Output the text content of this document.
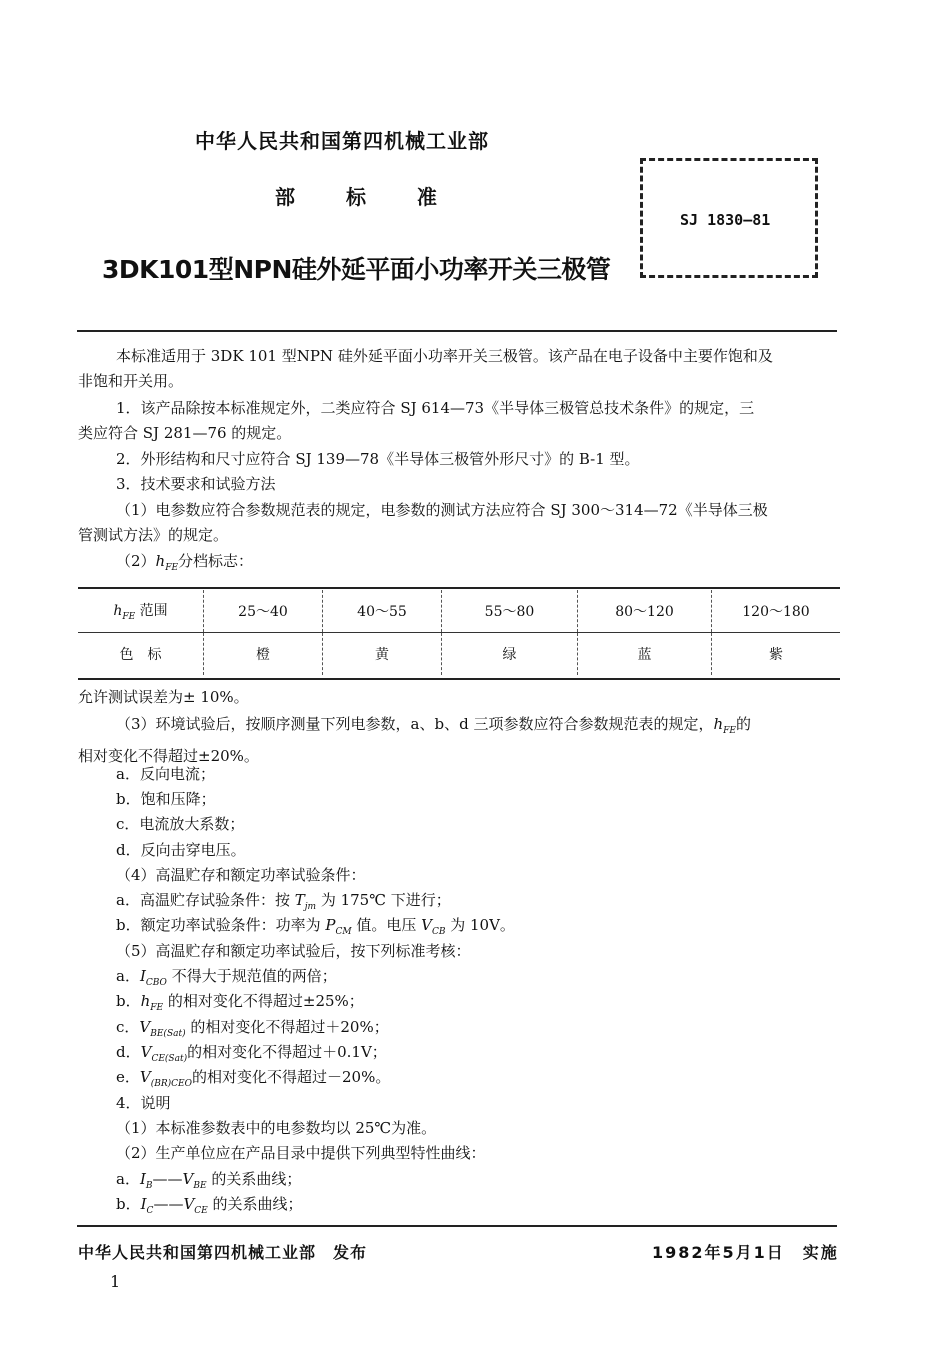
中华人民共和国第四机械工业部
部 标 准
3DK101型NPN硅外延平面小功率开关三极管
SJ 1830—81
本标准适用于 3DK 101 型NPN 硅外延平面小功率开关三极管。该产品在电子设备中主要作饱和及
非饱和开关用。
1．该产品除按本标准规定外，二类应符合 SJ 614—73《半导体三极管总技术条件》的规定，三
类应符合 SJ 281—76 的规定。
2．外形结构和尺寸应符合 SJ 139—78《半导体三极管外形尺寸》的 B-1 型。
3．技术要求和试验方法
（1）电参数应符合参数规范表的规定，电参数的测试方法应符合 SJ 300～314—72《半导体三极
管测试方法》的规定。
$(2)h_{FE}$分档标志：
$h_{FE}$ 范围	25～40	40～55	55～80	80～120	120～180
色　标	橙	黄	绿	蓝	紫
允许测试误差为± 10%。
（3）环境试验后，按顺序测量下列电参数，a、b、d 三项参数应符合参数规范表的规定，$h_{FE}$的
相对变化不得超过±20%。
a．反向电流；
b．饱和压降；
c．电流放大系数；
d．反向击穿电压。
（4）高温贮存和额定功率试验条件：
a．高温贮存试验条件：按 $T_{jm}$ 为 175℃ 下进行；
b．额定功率试验条件：功率为 $P_{CM}$ 值。电压 $V_{CB}$ 为 10V。
（5）高温贮存和额定功率试验后，按下列标准考核：
a．$I_{CBO}$ 不得大于规范值的两倍；
b．$h_{FE}$ 的相对变化不得超过±25%；
c．$V_{BE(Sat)}$ 的相对变化不得超过＋20%；
d．$V_{CE(Sat)}$的相对变化不得超过＋0.1V；
e．$V_{(BR)CEO}$的相对变化不得超过－20%。
4．说明
（1）本标准参数表中的电参数均以 25℃为准。
（2）生产单位应在产品目录中提供下列典型特性曲线：
a．$I_B——V_{BE}$ 的关系曲线；
b．$I_C——V_{CE}$ 的关系曲线；
中华人民共和国第四机械工业部　发布	1982年5月1日　实施
1
